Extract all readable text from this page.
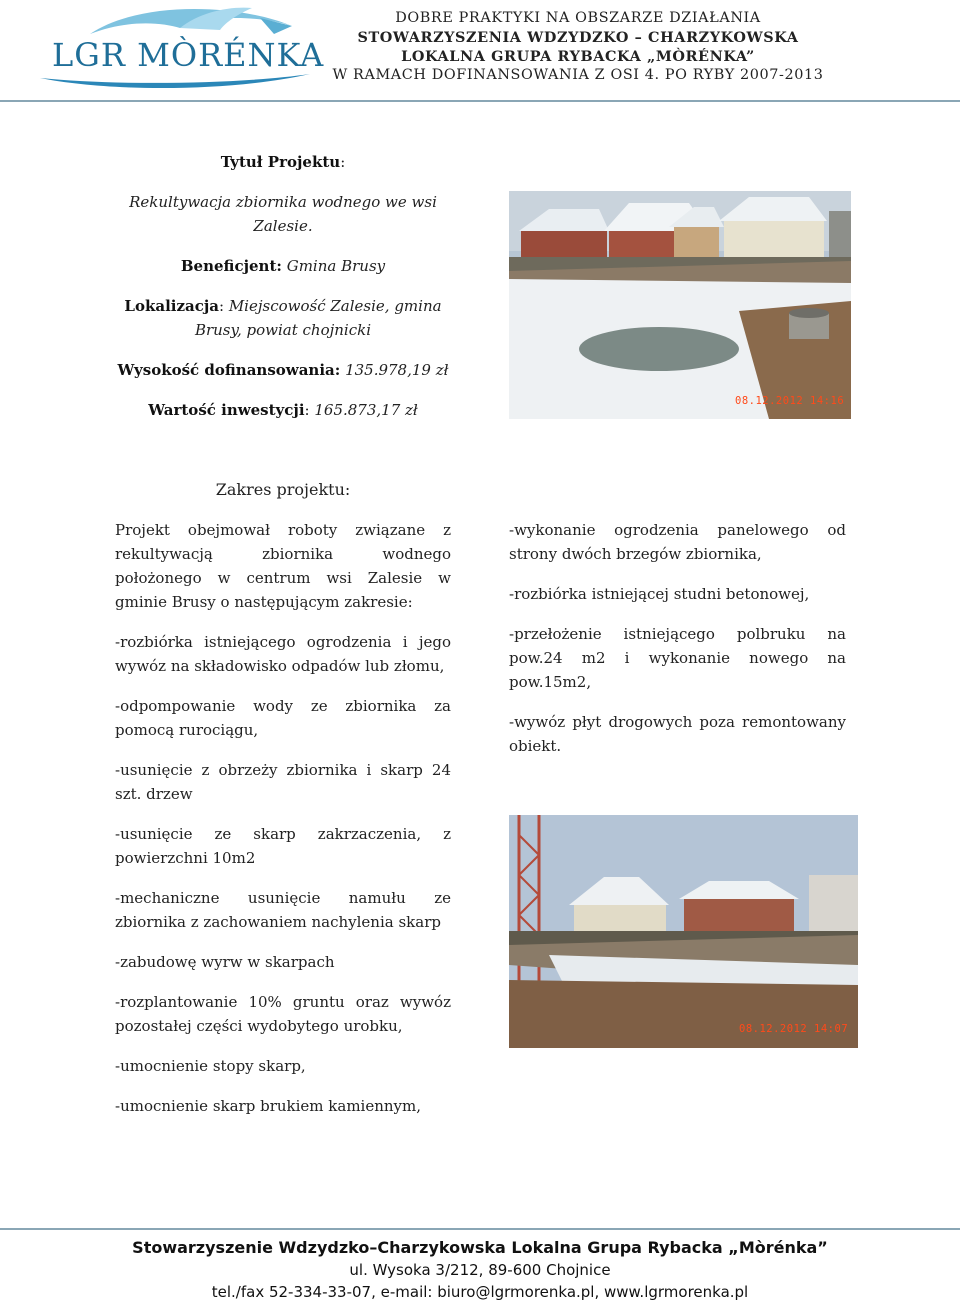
LGR MÒRÉNKA
DOBRE PRAKTYKI NA OBSZARZE DZIAŁANIA
STOWARZYSZENIA WDZYDZKO – CHARZYKOWSKA
LOKALNA GRUPA RYBACKA „MÒRÉNKA”
W RAMACH DOFINANSOWANIA Z OSI 4. PO RYBY 2007-2013

Tytuł Projektu:

Rekultywacja zbiornika wodnego we wsi Zalesie.

Beneficjent: Gmina Brusy

Lokalizacja: Miejscowość Zalesie, gmina Brusy, powiat chojnicki

Wysokość dofinansowania: 135.978,19 zł

Wartość inwestycji: 165.873,17 zł	08.12.2012 14:16
Zakres projektu:

Projekt obejmował roboty związane z rekultywacją zbiornika wodnego położonego w centrum wsi Zalesie w gminie Brusy o następującym zakresie:

-rozbiórka istniejącego ogrodzenia i jego wywóz na składowisko odpadów lub złomu,

-odpompowanie wody ze zbiornika za pomocą rurociągu,

-usunięcie z obrzeży zbiornika i skarp 24 szt. drzew

-usunięcie ze skarp zakrzaczenia, z powierzchni 10m2

-mechaniczne usunięcie namułu ze zbiornika z zachowaniem nachylenia skarp

-zabudowę wyrw w skarpach

-rozplantowanie 10% gruntu oraz wywóz pozostałej części wydobytego urobku,

-umocnienie stopy skarp,

-umocnienie skarp brukiem kamiennym,

-wykonanie ogrodzenia panelowego od strony dwóch brzegów zbiornika,

-rozbiórka istniejącej studni betonowej,

-przełożenie istniejącego polbruku na pow.24 m2 i wykonanie nowego na pow.15m2,

-wywóz płyt drogowych poza remontowany obiekt.

08.12.2012 14:07
Stowarzyszenie Wdzydzko–Charzykowska Lokalna Grupa Rybacka „Mòrénka”
ul. Wysoka 3/212, 89-600 Chojnice
tel./fax 52-334-33-07, e-mail: biuro@lgrmorenka.pl, www.lgrmorenka.pl
